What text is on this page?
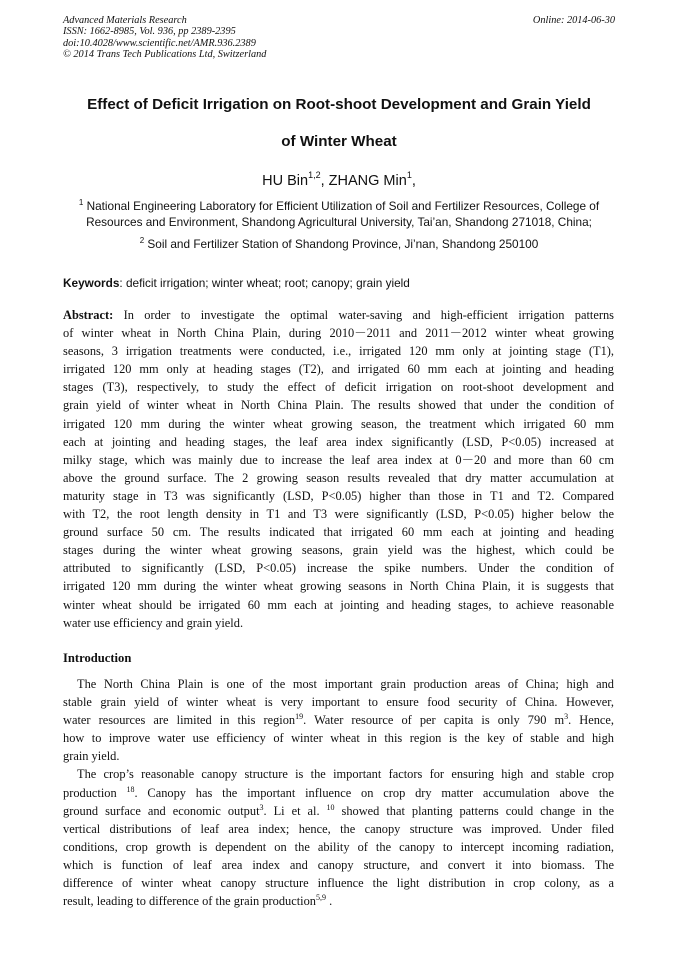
Advanced Materials Research
ISSN: 1662-8985, Vol. 936, pp 2389-2395
doi:10.4028/www.scientific.net/AMR.936.2389
© 2014 Trans Tech Publications Ltd, Switzerland
Online: 2014-06-30
Effect of Deficit Irrigation on Root-shoot Development and Grain Yield
of Winter Wheat
HU Bin$^{1,2}$, ZHANG Min$^1$,
$^1$ National Engineering Laboratory for Efficient Utilization of Soil and Fertilizer Resources, College of
Resources and Environment, Shandong Agricultural University, Tai’an, Shandong 271018, China;
$^2$ Soil and Fertilizer Station of Shandong Province, Ji’nan, Shandong 250100
Keywords: deficit irrigation; winter wheat; root; canopy; grain yield
Abstract: In order to investigate the optimal water-saving and high-efficient irrigation patterns
of winter wheat in North China Plain, during 2010－2011 and 2011－2012 winter wheat growing
seasons, 3 irrigation treatments were conducted, i.e., irrigated 120 mm only at jointing stage (T1),
irrigated 120 mm only at heading stages (T2), and irrigated 60 mm each at jointing and heading
stages (T3), respectively, to study the effect of deficit irrigation on root-shoot development and
grain yield of winter wheat in North China Plain. The results showed that under the condition of
irrigated 120 mm during the winter wheat growing season, the treatment which irrigated 60 mm
each at jointing and heading stages, the leaf area index significantly (LSD, P<0.05) increased at
milky stage, which was mainly due to increase the leaf area index at 0－20 and more than 60 cm
above the ground surface. The 2 growing season results revealed that dry matter accumulation at
maturity stage in T3 was significantly (LSD, P<0.05) higher than those in T1 and T2. Compared
with T2, the root length density in T1 and T3 were significantly (LSD, P<0.05) higher below the
ground surface 50 cm. The results indicated that irrigated 60 mm each at jointing and heading
stages during the winter wheat growing seasons, grain yield was the highest, which could be
attributed to significantly (LSD, P<0.05) increase the spike numbers. Under the condition of
irrigated 120 mm during the winter wheat growing seasons in North China Plain, it is suggests that
winter wheat should be irrigated 60 mm each at jointing and heading stages, to achieve reasonable
water use efficiency and grain yield.
Introduction
The North China Plain is one of the most important grain production areas of China; high and
stable grain yield of winter wheat is very important to ensure food security of China. However,
water resources are limited in this region$^{19}$. Water resource of per capita is only 790 $m^3$. Hence,
how to improve water use efficiency of winter wheat in this region is the key of stable and high
grain yield.
The crop’s reasonable canopy structure is the important factors for ensuring high and stable crop
production $^{18}$. Canopy has the important influence on crop dry matter accumulation above the
ground surface and economic output$^3$. Li et al. $^{10}$ showed that planting patterns could change in the
vertical distributions of leaf area index; hence, the canopy structure was improved. Under filed
conditions, crop growth is dependent on the ability of the canopy to intercept incoming radiation,
which is function of leaf area index and canopy structure, and convert it into biomass. The
difference of winter wheat canopy structure influence the light distribution in crop colony, as a
result, leading to difference of the grain production$^{5,9}$ .
